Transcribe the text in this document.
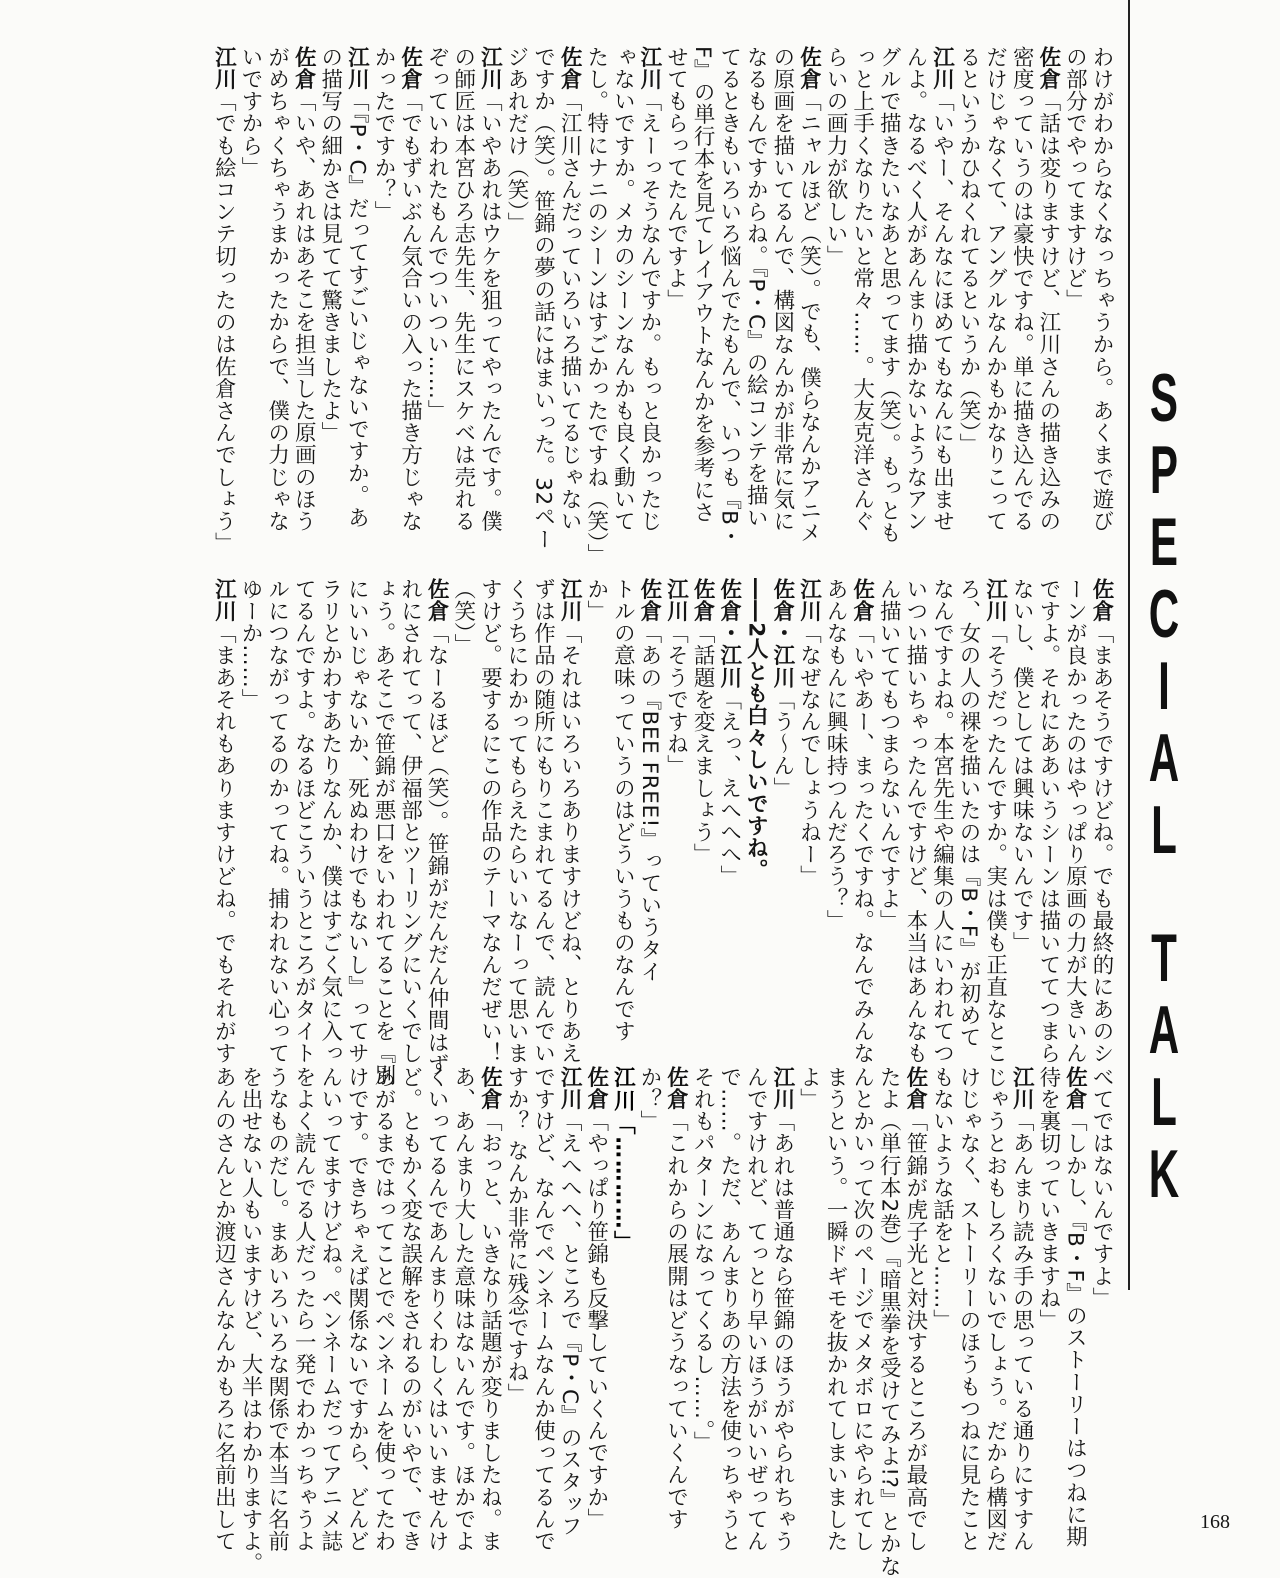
わけがわからなくなっちゃうから。あくまで遊び
の部分でやってますけど」
佐倉「話は変りますけど、江川さんの描き込みの
密度っていうのは豪快ですね。単に描き込んでる
だけじゃなくて、アングルなんかもかなりこって
るというかひねくれてるというか（笑）」
江川「いやー、そんなにほめてもなんにも出ませ
んよ。なるべく人があんまり描かないようなアン
グルで描きたいなあと思ってます（笑）。もっとも
っと上手くなりたいと常々……。大友克洋さんぐ
らいの画力が欲しい」
佐倉「ニャルほど（笑）。でも、僕らなんかアニメ
の原画を描いてるんで、構図なんかが非常に気に
なるもんですからね。『P・C』の絵コンテを描い
てるときもいろいろ悩んでたもんで、いつも『B・
F』の単行本を見てレイアウトなんかを参考にさ
せてもらってたんですよ」
江川「えーっそうなんですか。もっと良かったじ
ゃないですか。メカのシーンなんかも良く動いて
たし。特にナニのシーンはすごかったですね（笑）」
佐倉「江川さんだっていろいろ描いてるじゃない
ですか（笑）。笹錦の夢の話にはまいった。32ペー
ジあれだけ（笑）」
江川「いやあれはウケを狙ってやったんです。僕
の師匠は本宮ひろ志先生、先生にスケベは売れる
ぞっていわれたもんでついつい……」
佐倉「でもずいぶん気合いの入った描き方じゃな
かったですか？」
江川「『P・C』だってすごいじゃないですか。あ
の描写の細かさは見てて驚きましたよ」
佐倉「いや、あれはあそこを担当した原画のほう
がめちゃくちゃうまかったからで、僕の力じゃな
いですから」
江川「でも絵コンテ切ったのは佐倉さんでしょう」
佐倉「まあそうですけどね。でも最終的にあのシ
ーンが良かったのはやっぱり原画の力が大きいん
ですよ。それにああいうシーンは描いててつまら
ないし、僕としては興味ないんです」
江川「そうだったんですか。実は僕も正直なとこ
ろ、女の人の裸を描いたのは『B・F』が初めて
なんですよね。本宮先生や編集の人にいわれてつ
いつい描いちゃったんですけど、本当はあんなも
ん描いててもつまらないんですよ」
佐倉「いやあー、まったくですね。なんでみんな
あんなもんに興味持つんだろう？」
江川「なぜなんでしょうねー」
佐倉・江川「う～ん」
――2人とも白々しいですね。
佐倉・江川「えっ、えへへへ」
佐倉「話題を変えましょう」
江川「そうですね」
佐倉「あの『BEE FREE!』っていうタイ
トルの意味っていうのはどういうものなんです
か」
江川「それはいろいろありますけどね、とりあえ
ずは作品の随所にもりこまれてるんで、読んでい
くうちにわかってもらえたらいいなーって思いま
すけど。要するにこの作品のテーマなんだぜい！
（笑）」
佐倉「なーるほど（笑）。笹錦がだんだん仲間はず
れにされてって、伊福部とツーリングにいくでし
ょう。あそこで笹錦が悪口をいわれてることを『別
にいいじゃないか、死ぬわけでもないし』ってサ
ラリとかわすあたりなんか、僕はすごく気に入っ
てるんですよ。なるほどこういうところがタイト
ルにつながってるのかってね。捕われない心って
ゆーか……」
江川「まあそれもありますけどね。でもそれがす
べてではないんですよ」
佐倉「しかし、『B・F』のストーリーはつねに期
待を裏切っていきますね」
江川「あんまり読み手の思っている通りにすすん
じゃうとおもしろくないでしょう。だから構図だ
けじゃなく、ストーリーのほうもつねに見たこと
もないような話をと……」
佐倉「笹錦が虎子光と対決するところが最高でし
たよ（単行本2巻）『暗黒拳を受けてみよ!?』とかな
んとかいって次のページでメタボロにやられてし
まうという。一瞬ドギモを抜かれてしまいました
よ」
江川「あれは普通なら笹錦のほうがやられちゃう
んですけれど、てっとり早いほうがいいぜってん
で……。ただ、あんまりあの方法を使っちゃうと
それもパターンになってくるし……。」
佐倉「これからの展開はどうなっていくんです
か？」
江川「…………」
佐倉「やっぱり笹錦も反撃していくんですか」
江川「えへへへ、ところで『P・C』のスタッフ
ですけど、なんでペンネームなんか使ってるんで
すか？ なんか非常に残念ですね」
佐倉「おっと、いきなり話題が変りましたね。ま
あ、あんまり大した意味はないんです。ほかでよ
くいってるんであんまりくわしくはいいませんけ
ど。ともかく変な誤解をされるのがいやで、でき
あがるまではってことでペンネームを使ってたわ
けです。できちゃえば関係ないですから、どんど
んいってますけどね。ペンネームだってアニメ誌
をよく読んでる人だったら一発でわかっちゃうよ
うなものだし。まあいろいろな関係で本当に名前
を出せない人もいますけど、大半はわかりますよ。
あんのさんとか渡辺さんなんかもろに名前出して
S
P
E
C
I
A
L
T
A
L
K
168
